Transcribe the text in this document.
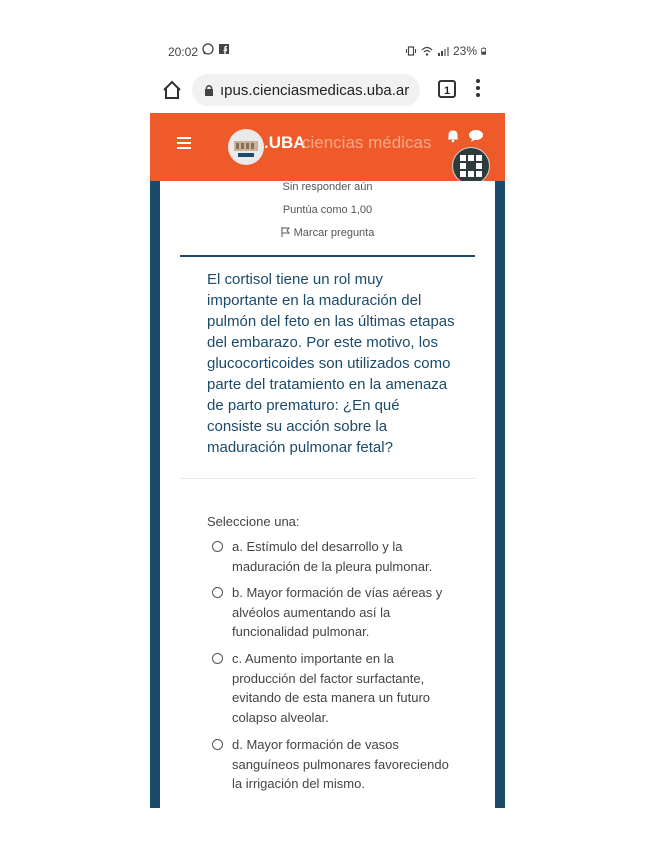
20:02	23%
ıpus.cienciasmedicas.uba.ar	1
.UBA
ciencias médicas
Sin responder aún
Puntúa como 1,00
Marcar pregunta
El cortisol tiene un rol muy importante en la maduración del pulmón del feto en las últimas etapas del embarazo. Por este motivo, los glucocorticoides son utilizados como parte del tratamiento en la amenaza de parto prematuro: ¿En qué consiste su acción sobre la maduración pulmonar fetal?
Seleccione una:
a. Estímulo del desarrollo y la
maduración de la pleura pulmonar.
b. Mayor formación de vías aéreas y
alvéolos aumentando así la funcionalidad pulmonar.
c. Aumento importante en la
producción del factor surfactante, evitando de esta manera un futuro colapso alveolar.
d. Mayor formación de vasos
sanguíneos pulmonares favoreciendo la irrigación del mismo.
